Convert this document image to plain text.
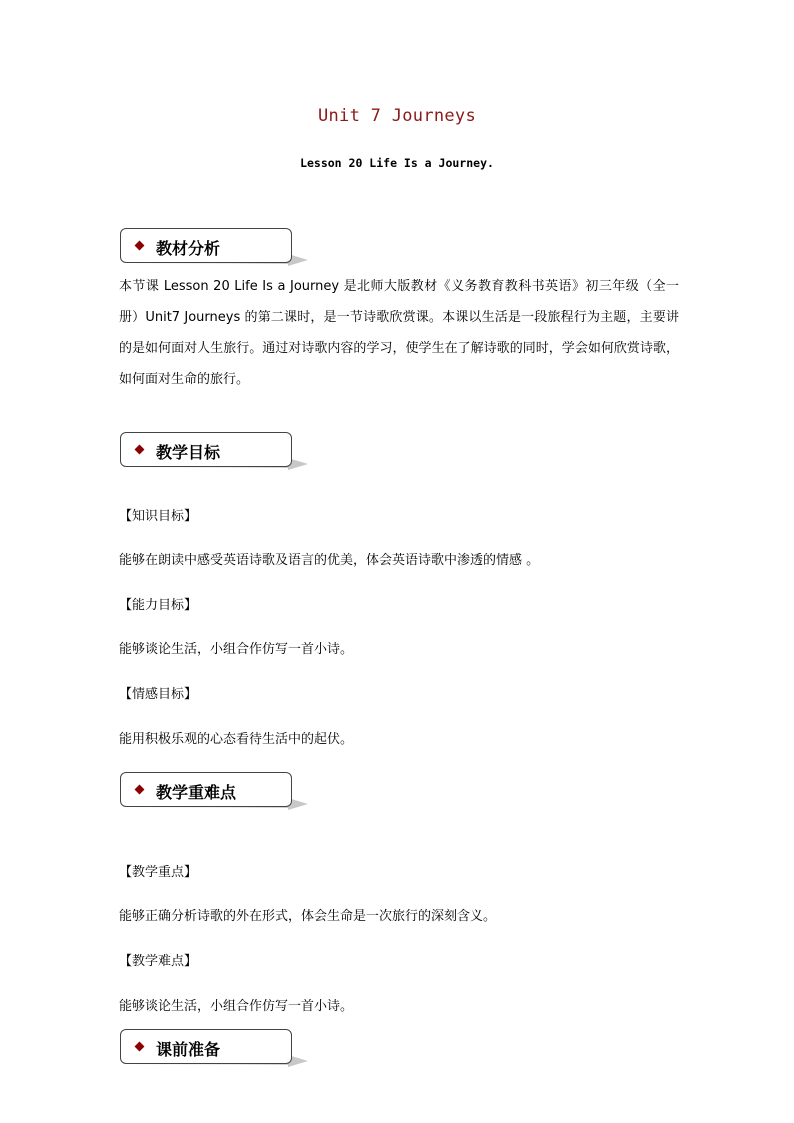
Unit 7 Journeys
Lesson 20 Life Is a Journey.
教材分析
本节课 Lesson 20 Life Is a Journey 是北师大版教材《义务教育教科书英语》初三年级（全一册）Unit7 Journeys 的第二课时，是一节诗歌欣赏课。本课以生活是一段旅程行为主题，主要讲的是如何面对人生旅行。通过对诗歌内容的学习，使学生在了解诗歌的同时，学会如何欣赏诗歌，如何面对生命的旅行。
教学目标
【知识目标】
能够在朗读中感受英语诗歌及语言的优美，体会英语诗歌中渗透的情感 。
【能力目标】
能够谈论生活，小组合作仿写一首小诗。
【情感目标】
能用积极乐观的心态看待生活中的起伏。
教学重难点
【教学重点】
能够正确分析诗歌的外在形式，体会生命是一次旅行的深刻含义。
【教学难点】
能够谈论生活，小组合作仿写一首小诗。
课前准备
